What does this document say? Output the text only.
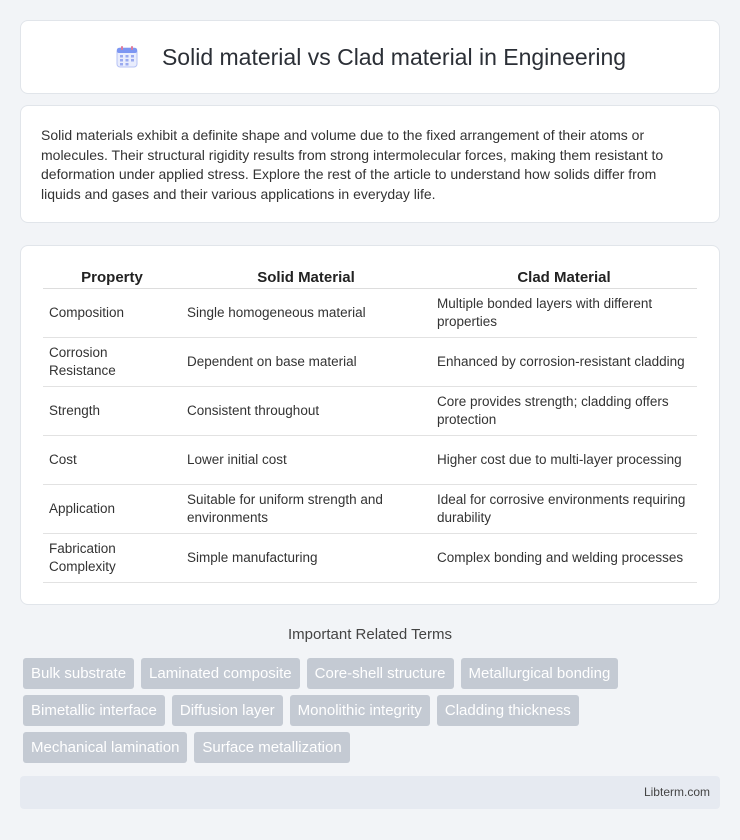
Solid material vs Clad material in Engineering

Solid materials exhibit a definite shape and volume due to the fixed arrangement of their atoms or molecules. Their structural rigidity results from strong intermolecular forces, making them resistant to deformation under applied stress. Explore the rest of the article to understand how solids differ from liquids and gases and their various applications in everyday life.

Property	Solid Material	Clad Material
Composition	Single homogeneous material	Multiple bonded layers with different properties
Corrosion Resistance	Dependent on base material	Enhanced by corrosion-resistant cladding
Strength	Consistent throughout	Core provides strength; cladding offers protection
Cost	Lower initial cost	Higher cost due to multi-layer processing
Application	Suitable for uniform strength and environments	Ideal for corrosive environments requiring durability
Fabrication Complexity	Simple manufacturing	Complex bonding and welding processes
Important Related Terms
Bulk substrate	Laminated composite	Core-shell structure	Metallurgical bonding
Bimetallic interface	Diffusion layer	Monolithic integrity	Cladding thickness
Mechanical lamination	Surface metallization
Libterm.com
